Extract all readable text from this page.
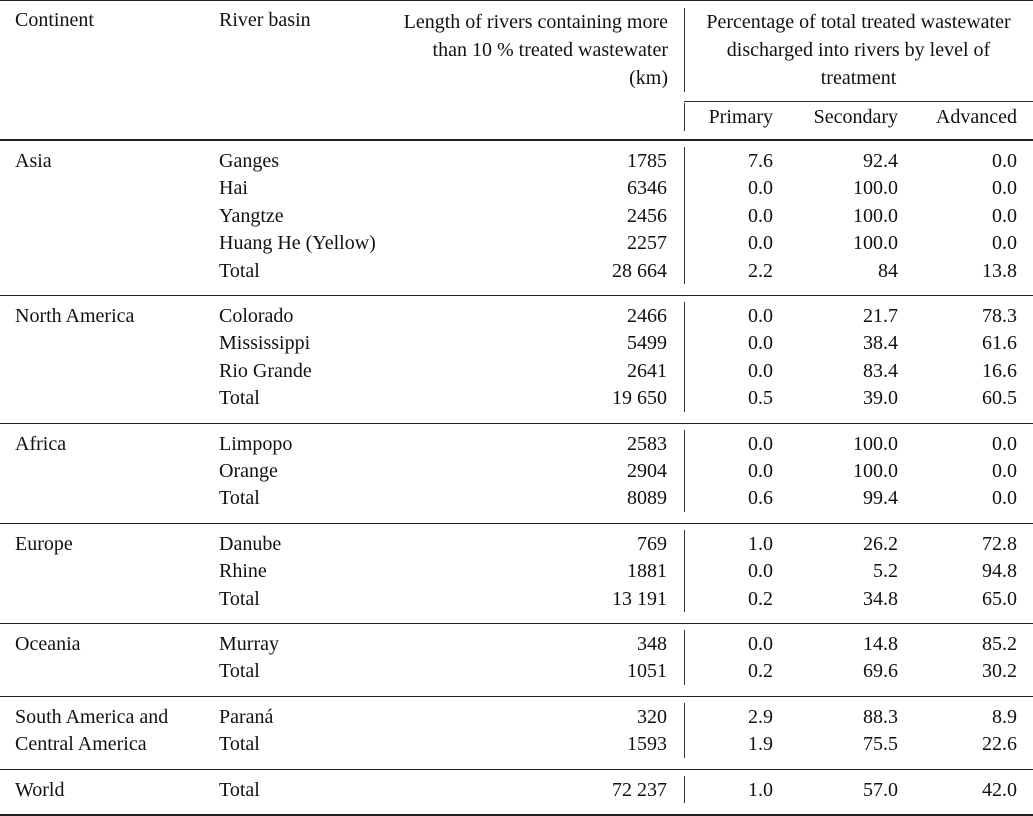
Continent	River basin	Length of rivers containing more than 10 % treated wastewater (km)
Percentage of total treated wastewater discharged into rivers by level of treatment
Primary Secondary Advanced
Asia	Ganges	1785	7.6	92.4	0.0
Hai	6346	0.0	100.0	0.0
Yangtze	2456	0.0	100.0	0.0
Huang He (Yellow)	2257	0.0	100.0	0.0
Total	28 664	2.2	84	13.8
North America	Colorado	2466	0.0	21.7	78.3
Mississippi	5499	0.0	38.4	61.6
Rio Grande	2641	0.0	83.4	16.6
Total	19 650	0.5	39.0	60.5
Africa	Limpopo	2583	0.0	100.0	0.0
Orange	2904	0.0	100.0	0.0
Total	8089	0.6	99.4	0.0
Europe	Danube	769	1.0	26.2	72.8
Rhine	1881	0.0	5.2	94.8
Total	13 191	0.2	34.8	65.0
Oceania	Murray	348	0.0	14.8	85.2
Total	1051	0.2	69.6	30.2
South America and
Central America
Paraná	320	2.9	88.3	8.9
Total	1593	1.9	75.5	22.6
World	Total	72 237	1.0	57.0	42.0
